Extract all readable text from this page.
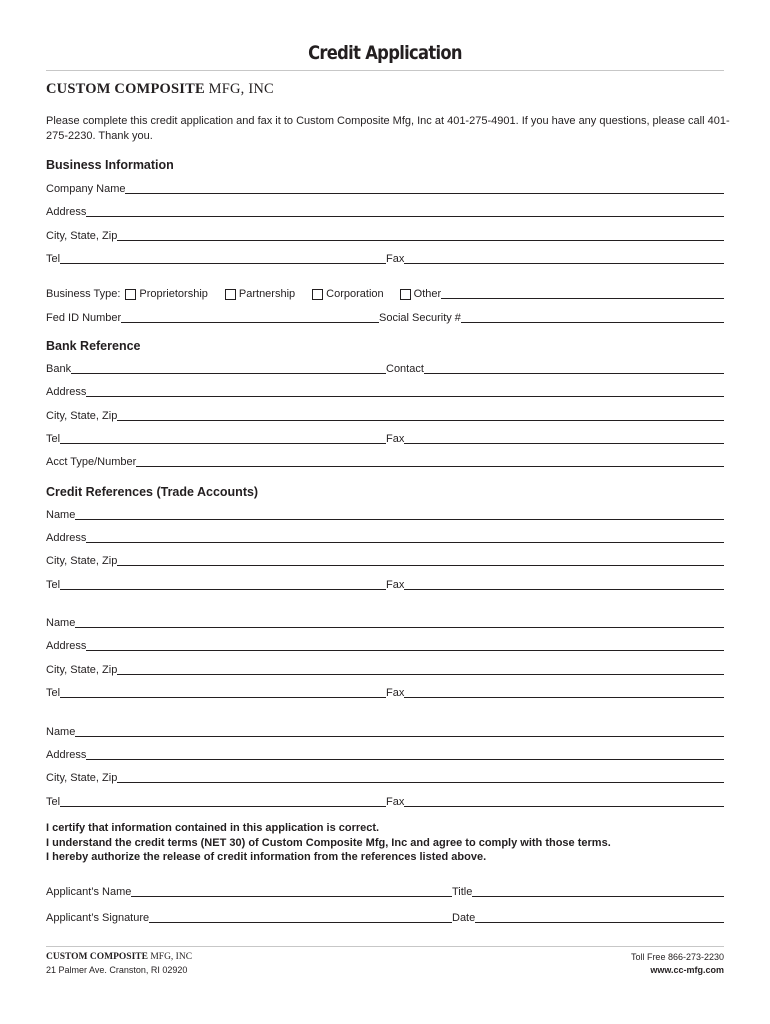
Credit Application
CUSTOM COMPOSITE MFG, INC
Please complete this credit application and fax it to Custom Composite Mfg, Inc at 401-275-4901. If you have any questions, please call 401-275-2230. Thank you.
Business Information
Company Name
Address
City, State, Zip
Tel	Fax
Business Type: Proprietorship	Partnership	Corporation	Other
Fed ID Number	Social Security #
Bank Reference
Bank	Contact
Address
City, State, Zip
Tel	Fax
Acct Type/Number
Credit References (Trade Accounts)
Name
Address
City, State, Zip
Tel	Fax
Name
Address
City, State, Zip
Tel	Fax
Name
Address
City, State, Zip
Tel	Fax
I certify that information contained in this application is correct.
I understand the credit terms (NET 30) of Custom Composite Mfg, Inc and agree to comply with those terms.
I hereby authorize the release of credit information from the references listed above.
Applicant’s Name	Title
Applicant’s Signature	Date
CUSTOM COMPOSITE MFG, INC
21 Palmer Ave. Cranston, RI 02920
Toll Free 866-273-2230
www.cc-mfg.com
